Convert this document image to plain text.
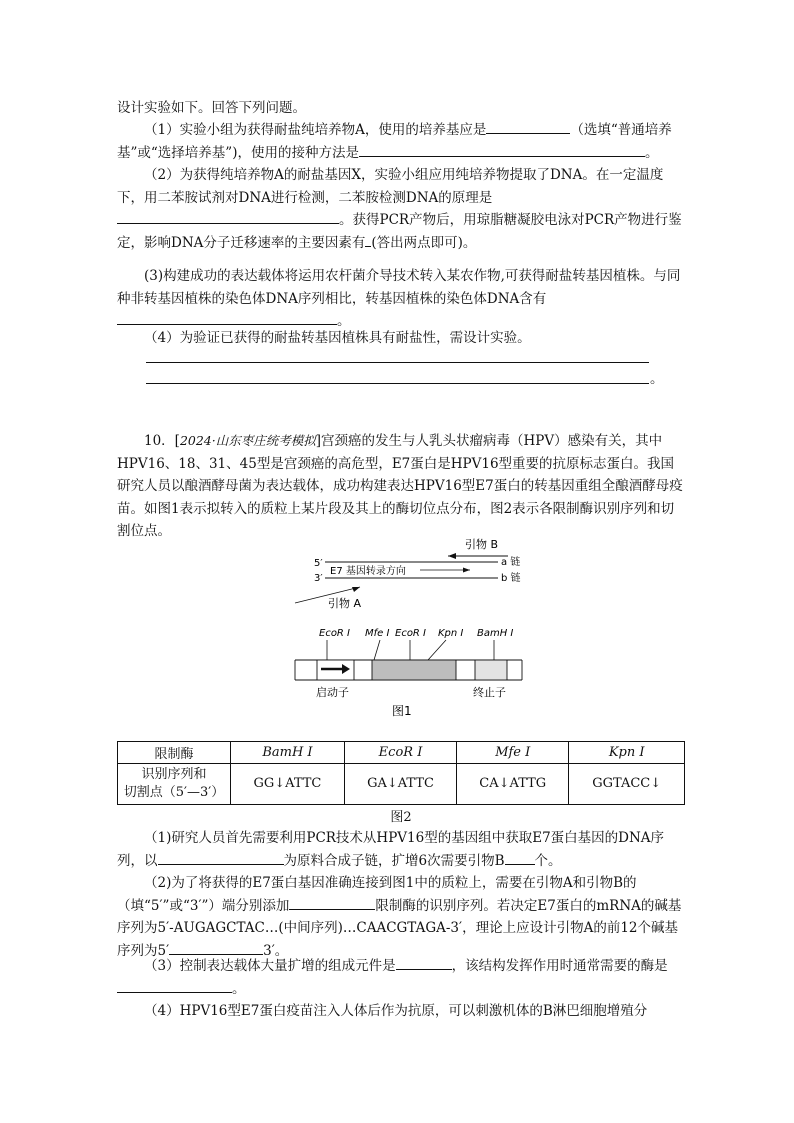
设计实验如下。回答下列问题。
（1）实验小组为获得耐盐纯培养物A，使用的培养基应是	（选填“普通培养基”或“选择培养基”)，使用的接种方法是	。
（2）为获得纯培养物A的耐盐基因X，实验小组应用纯培养物提取了DNA。在一定温度下，用二苯胺试剂对DNA进行检测，二苯胺检测DNA的原理是。获得PCR产物后，用琼脂糖凝胶电泳对PCR产物进行鉴定，影响DNA分子迁移速率的主要因素有 (答出两点即可)。
(3)构建成功的表达载体将运用农杆菌介导技术转入某农作物,可获得耐盐转基因植株。与同种非转基因植株的染色体DNA序列相比，转基因植株的染色体DNA含有。
（4）为验证已获得的耐盐转基因植株具有耐盐性，需设计实验。
。
10．[2024·山东枣庄统考模拟]宫颈癌的发生与人乳头状瘤病毒（HPV）感染有关，其中HPV16、18、31、45型是宫颈癌的高危型，E7蛋白是HPV16型重要的抗原标志蛋白。我国研究人员以酿酒酵母菌为表达载体，成功构建表达HPV16型E7蛋白的转基因重组全酿酒酵母疫苗。如图1表示拟转入的质粒上某片段及其上的酶切位点分布，图2表示各限制酶识别序列和切割位点。
引物 B
5′
3′
a 链
b 链
E7 基因转录方向
引物 A
EcoR Ⅰ Mfe Ⅰ EcoR Ⅰ Kpn Ⅰ BamH Ⅰ
启动子	终止子
图1
限制酶	BamH Ⅰ	EcoR Ⅰ	Mfe Ⅰ	Kpn Ⅰ
识别序列和
切割点（5′—3′）	GG↓ATTC	GA↓ATTC	CA↓ATTG	GGTACC↓
图2
（1)研究人员首先需要利用PCR技术从HPV16型的基因组中获取E7蛋白基因的DNA序列，以	为原料合成子链，扩增6次需要引物B 个。
（2)为了将获得的E7蛋白基因准确连接到图1中的质粒上，需要在引物A和引物B的（填“5′”或“3′”）端分别添加	限制酶的识别序列。若决定E7蛋白的mRNA的碱基序列为5′-AUGAGCTAC…(中间序列)…CAACGTAGA-3′，理论上应设计引物A的前12个碱基序列为5′	3′。
（3）控制表达载体大量扩增的组成元件是	，该结构发挥作用时通常需要的酶是。
（4）HPV16型E7蛋白疫苗注入人体后作为抗原，可以刺激机体的B淋巴细胞增殖分
